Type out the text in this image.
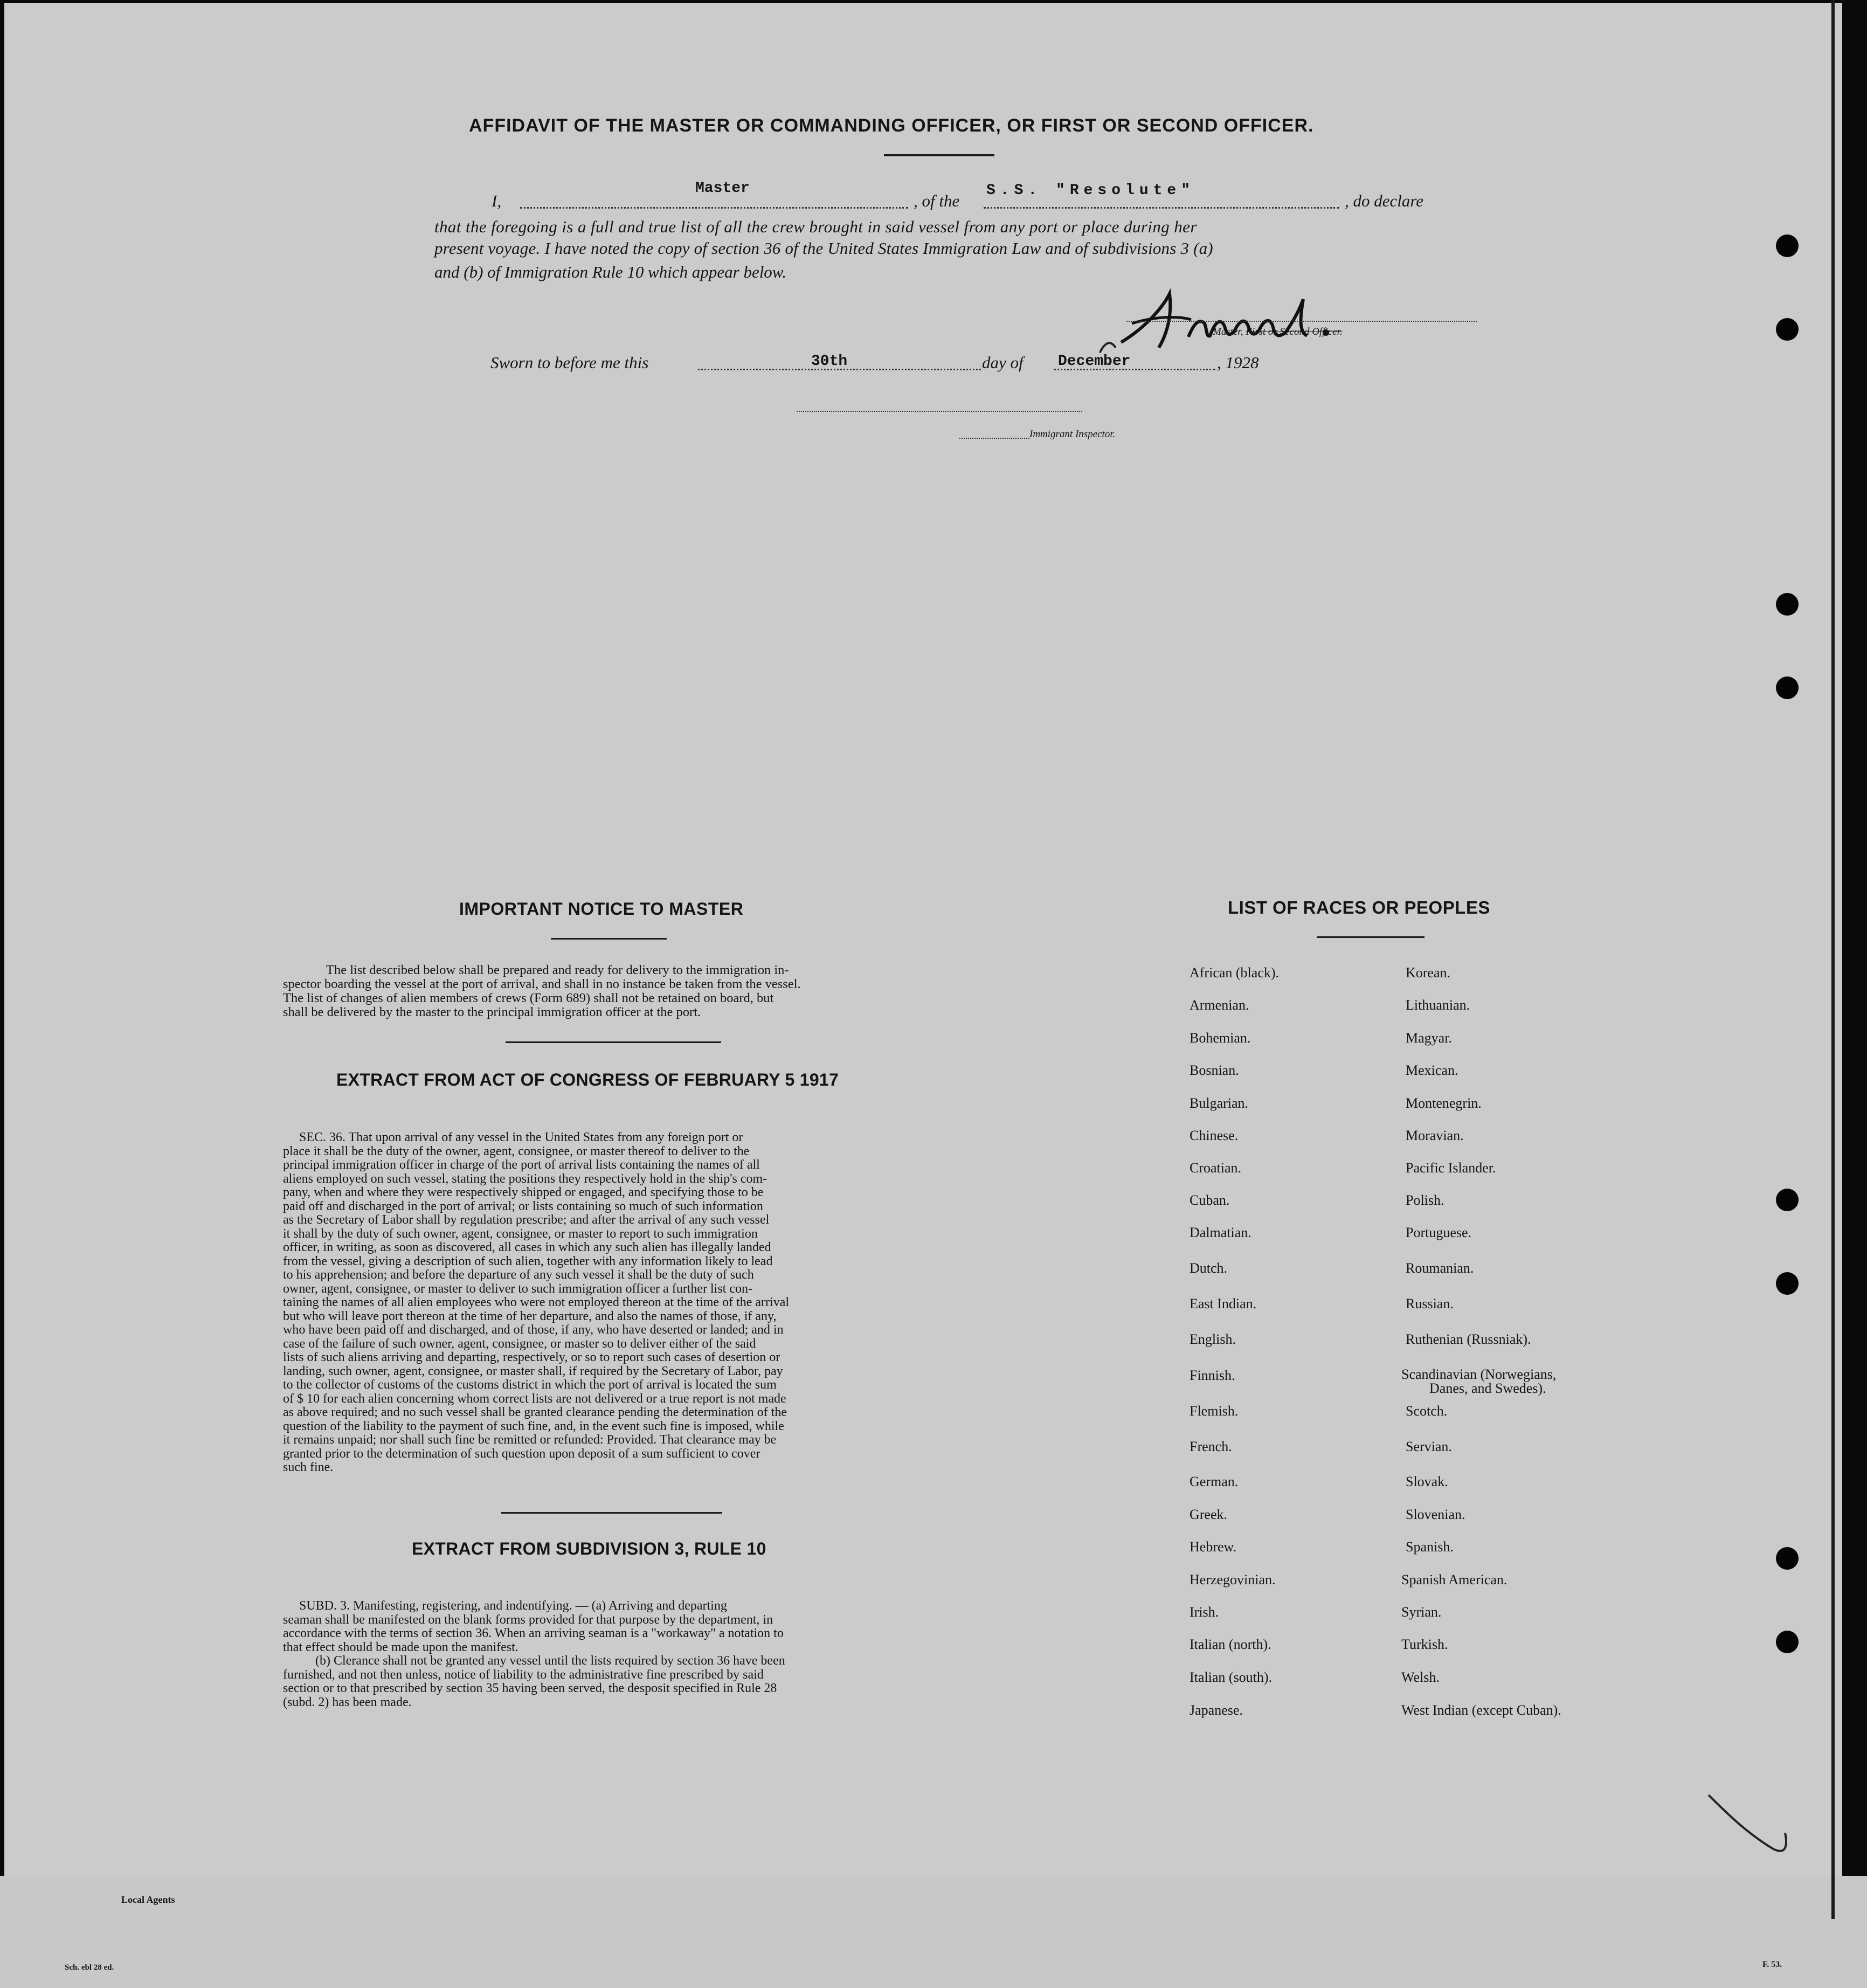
AFFIDAVIT OF THE MASTER OR COMMANDING OFFICER, OR FIRST OR SECOND OFFICER.
I,
Master
, of the
S.S. "Resolute"
, do declare
that the foregoing is a full and true list of all the crew brought in said vessel from any port or place during her
present voyage. I have noted the copy of section 36 of the United States Immigration Law and of subdivisions 3 (a)
and (b) of Immigration Rule 10 which appear below.
Master, First or Second Officer.
Sworn to before me this	30th	day of December	, 1928
Immigrant Inspector.
IMPORTANT NOTICE TO MASTER

The list described below shall be prepared and ready for delivery to the immigration in-

spector boarding the vessel at the port of arrival, and shall in no instance be taken from the vessel.

The list of changes of alien members of crews (Form 689) shall not be retained on board, but

shall be delivered by the master to the principal immigration officer at the port.

EXTRACT FROM ACT OF CONGRESS OF FEBRUARY 5 1917

SEC. 36. That upon arrival of any vessel in the United States from any foreign port or

place it shall be the duty of the owner, agent, consignee, or master thereof to deliver to the

principal immigration officer in charge of the port of arrival lists containing the names of all

aliens employed on such vessel, stating the positions they respectively hold in the ship's com-

pany, when and where they were respectively shipped or engaged, and specifying those to be

paid off and discharged in the port of arrival; or lists containing so much of such information

as the Secretary of Labor shall by regulation prescribe; and after the arrival of any such vessel

it shall by the duty of such owner, agent, consignee, or master to report to such immigration

officer, in writing, as soon as discovered, all cases in which any such alien has illegally landed

from the vessel, giving a description of such alien, together with any information likely to lead

to his apprehension; and before the departure of any such vessel it shall be the duty of such

owner, agent, consignee, or master to deliver to such immigration officer a further list con-

taining the names of all alien employees who were not employed thereon at the time of the arrival

but who will leave port thereon at the time of her departure, and also the names of those, if any,

who have been paid off and discharged, and of those, if any, who have deserted or landed; and in

case of the failure of such owner, agent, consignee, or master so to deliver either of the said

lists of such aliens arriving and departing, respectively, or so to report such cases of desertion or

landing, such owner, agent, consignee, or master shall, if required by the Secretary of Labor, pay

to the collector of customs of the customs district in which the port of arrival is located the sum

of $ 10 for each alien concerning whom correct lists are not delivered or a true report is not made

as above required; and no such vessel shall be granted clearance pending the determination of the

question of the liability to the payment of such fine, and, in the event such fine is imposed, while

it remains unpaid; nor shall such fine be remitted or refunded: Provided. That clearance may be

granted prior to the determination of such question upon deposit of a sum sufficient to cover

such fine.

EXTRACT FROM SUBDIVISION 3, RULE 10

SUBD. 3. Manifesting, registering, and indentifying. — (a) Arriving and departing

seaman shall be manifested on the blank forms provided for that purpose by the department, in

accordance with the terms of section 36. When an arriving seaman is a "workaway" a notation to

that effect should be made upon the manifest.

(b) Clerance shall not be granted any vessel until the lists required by section 36 have been

furnished, and not then unless, notice of liability to the administrative fine prescribed by said

section or to that prescribed by section 35 having been served, the desposit specified in Rule 28

(subd. 2) has been made.

LIST OF RACES OR PEOPLES
African (black).
Armenian.
Bohemian.
Bosnian.
Bulgarian.
Chinese.
Croatian.
Cuban.
Dalmatian.
Dutch.
East Indian.
English.
Finnish.
Flemish.
French.
German.
Greek.
Hebrew.
Herzegovinian.
Irish.
Italian (north).
Italian (south).
Japanese.
Korean.
Lithuanian.
Magyar.
Mexican.
Montenegrin.
Moravian.
Pacific Islander.
Polish.
Portuguese.
Roumanian.
Russian.
Ruthenian (Russniak).
Scandinavian (Norwegians,
Danes, and Swedes).
Scotch.
Servian.
Slovak.
Slovenian.
Spanish.
Spanish American.
Syrian.
Turkish.
Welsh.
West Indian (except Cuban).
Local Agents
Sch. ebl 28 ed.	F. 53.
